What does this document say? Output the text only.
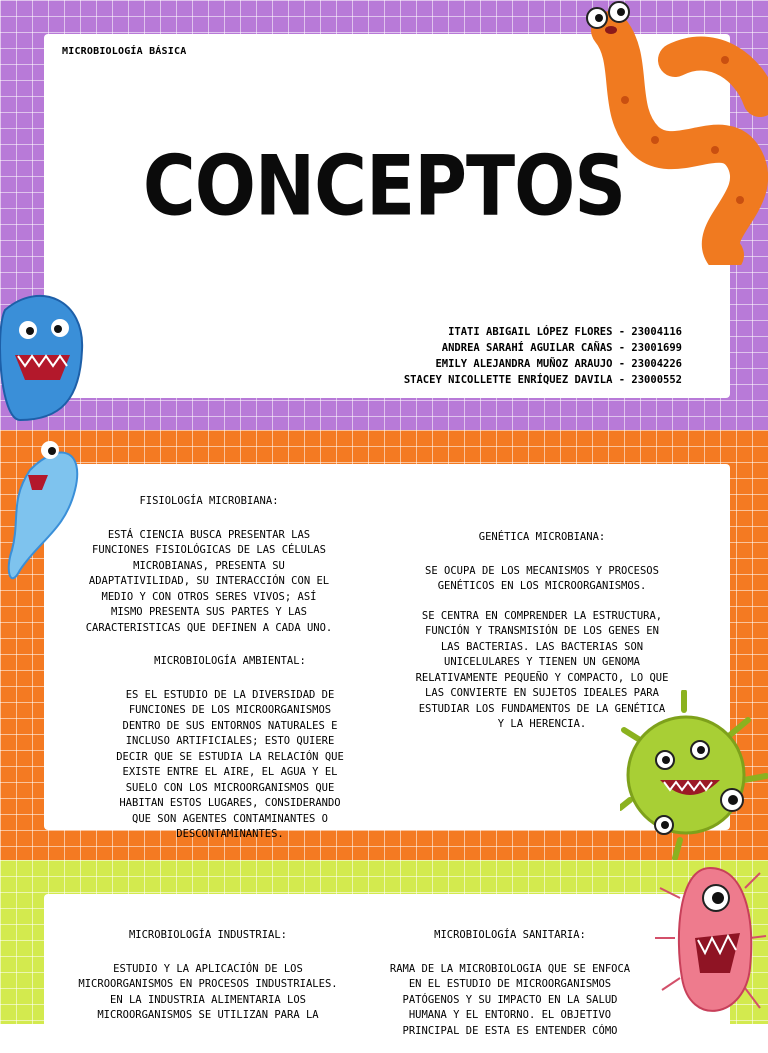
MICROBIOLOGÍA BÁSICA
CONCEPTOS
ITATI ABIGAIL LÓPEZ FLORES - 23004116
ANDREA SARAHÍ AGUILAR CAÑAS - 23001699
EMILY ALEJANDRA MUÑOZ ARAUJO - 23004226
STACEY NICOLLETTE ENRÍQUEZ DAVILA - 23000552
FISIOLOGÍA MICROBIANA:

ESTÁ CIENCIA BUSCA PRESENTAR LAS FUNCIONES FISIOLÓGICAS DE LAS CÉLULAS MICROBIANAS, PRESENTA SU ADAPTATIVILIDAD, SU INTERACCIÓN CON EL MEDIO Y CON OTROS SERES VIVOS; ASÍ MISMO PRESENTA SUS PARTES Y LAS CARACTERISTICAS QUE DEFINEN A CADA UNO.

MICROBIOLOGÍA AMBIENTAL:

ES EL ESTUDIO DE LA DIVERSIDAD DE FUNCIONES DE LOS MICROORGANISMOS DENTRO DE SUS ENTORNOS NATURALES E INCLUSO ARTIFICIALES; ESTO QUIERE DECIR QUE SE ESTUDIA LA RELACIÓN QUE EXISTE ENTRE EL AIRE, EL AGUA Y EL SUELO CON LOS MICROORGANISMOS QUE HABITAN ESTOS LUGARES, CONSIDERANDO QUE SON AGENTES CONTAMINANTES O DESCONTAMINANTES.

GENÉTICA MICROBIANA:

SE OCUPA DE LOS MECANISMOS Y PROCESOS GENÉTICOS EN LOS MICROORGANISMOS.

SE CENTRA EN COMPRENDER LA ESTRUCTURA, FUNCIÓN Y TRANSMISIÓN DE LOS GENES EN LAS BACTERIAS. LAS BACTERIAS SON UNICELULARES Y TIENEN UN GENOMA RELATIVAMENTE PEQUEÑO Y COMPACTO, LO QUE LAS CONVIERTE EN SUJETOS IDEALES PARA ESTUDIAR LOS FUNDAMENTOS DE LA GENÉTICA Y LA HERENCIA.

MICROBIOLOGÍA INDUSTRIAL:

ESTUDIO Y LA APLICACIÓN DE LOS MICROORGANISMOS EN PROCESOS INDUSTRIALES. EN LA INDUSTRIA ALIMENTARIA LOS MICROORGANISMOS SE UTILIZAN PARA LA

MICROBIOLOGÍA SANITARIA:

RAMA DE LA MICROBIOLOGIA QUE SE ENFOCA EN EL ESTUDIO DE MICROORGANISMOS PATÓGENOS Y SU IMPACTO EN LA SALUD HUMANA Y EL ENTORNO. EL OBJETIVO PRINCIPAL DE ESTA ES ENTENDER CÓMO
